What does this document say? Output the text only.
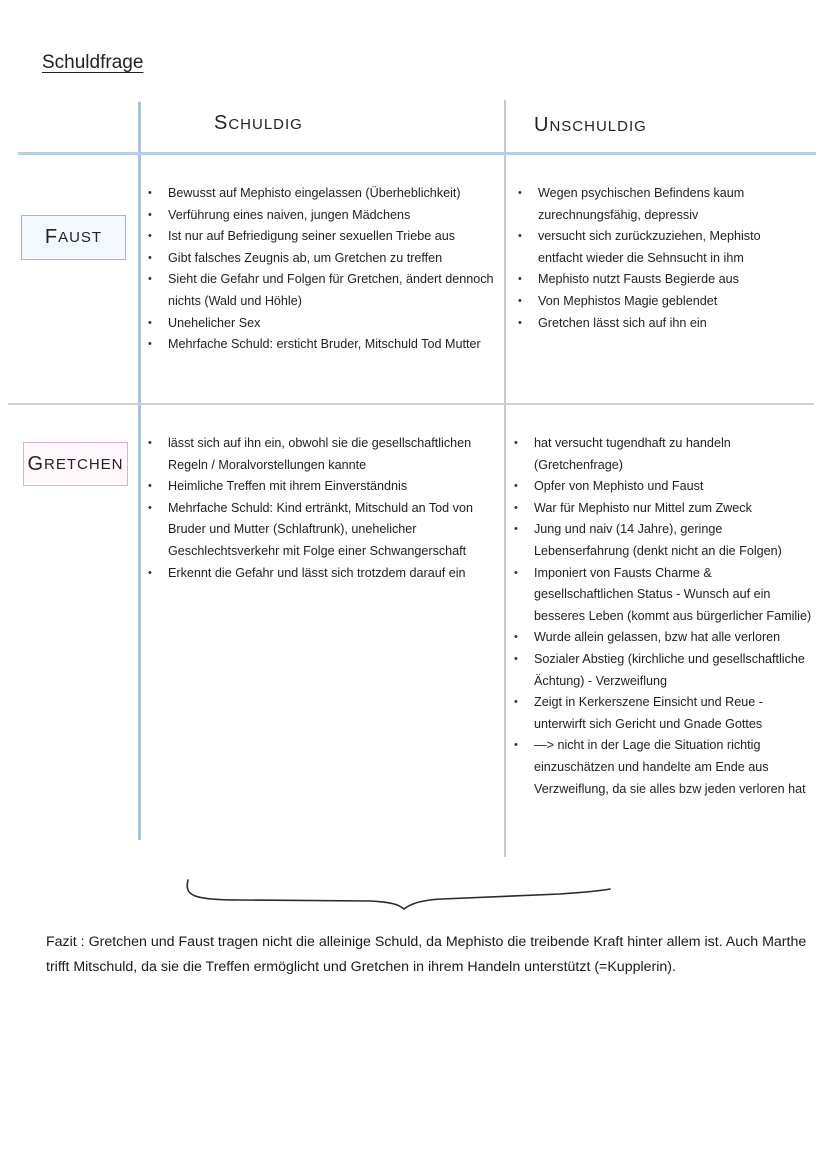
Schuldfrage
SCHULDIG	UNSCHULDIG
F AUST
G RETCHEN
• Bewusst auf Mephisto eingelassen (Überheblichkeit)
• Verführung eines naiven, jungen Mädchens
• Ist nur auf Befriedigung seiner sexuellen Triebe aus
• Gibt falsches Zeugnis ab, um Gretchen zu treffen
• Sieht die Gefahr und Folgen für Gretchen, ändert dennoch nichts (Wald und Höhle)
• Unehelicher Sex
• Mehrfache Schuld: ersticht Bruder, Mitschuld Tod Mutter
• Wegen psychischen Befindens kaum zurechnungsfähig, depressiv
• versucht sich zurückzuziehen, Mephisto entfacht wieder die Sehnsucht in ihm
• Mephisto nutzt Fausts Begierde aus
• Von Mephistos Magie geblendet
• Gretchen lässt sich auf ihn ein
• lässt sich auf ihn ein, obwohl sie die gesellschaftlichen Regeln / Moralvorstellungen kannte
• Heimliche Treffen mit ihrem Einverständnis
• Mehrfache Schuld: Kind ertränkt, Mitschuld an Tod von Bruder und Mutter (Schlaftrunk), unehelicher Geschlechtsverkehr mit Folge einer Schwangerschaft
• Erkennt die Gefahr und lässt sich trotzdem darauf ein
• hat versucht tugendhaft zu handeln (Gretchenfrage)
• Opfer von Mephisto und Faust
• War für Mephisto nur Mittel zum Zweck
• Jung und naiv (14 Jahre), geringe Lebenserfahrung (denkt nicht an die Folgen)
• Imponiert von Fausts Charme & gesellschaftlichen Status - Wunsch auf ein besseres Leben (kommt aus bürgerlicher Familie)
• Wurde allein gelassen, bzw hat alle verloren
• Sozialer Abstieg (kirchliche und gesellschaftliche Ächtung) - Verzweiflung
• Zeigt in Kerkerszene Einsicht und Reue - unterwirft sich Gericht und Gnade Gottes
• —> nicht in der Lage die Situation richtig einzuschätzen und handelte am Ende aus Verzweiflung, da sie alles bzw jeden verloren hat
Fazit : Gretchen und Faust tragen nicht die alleinige Schuld, da Mephisto die treibende Kraft hinter allem ist. Auch Marthe trifft Mitschuld, da sie die Treffen ermöglicht und Gretchen in ihrem Handeln unterstützt (=Kupplerin).
